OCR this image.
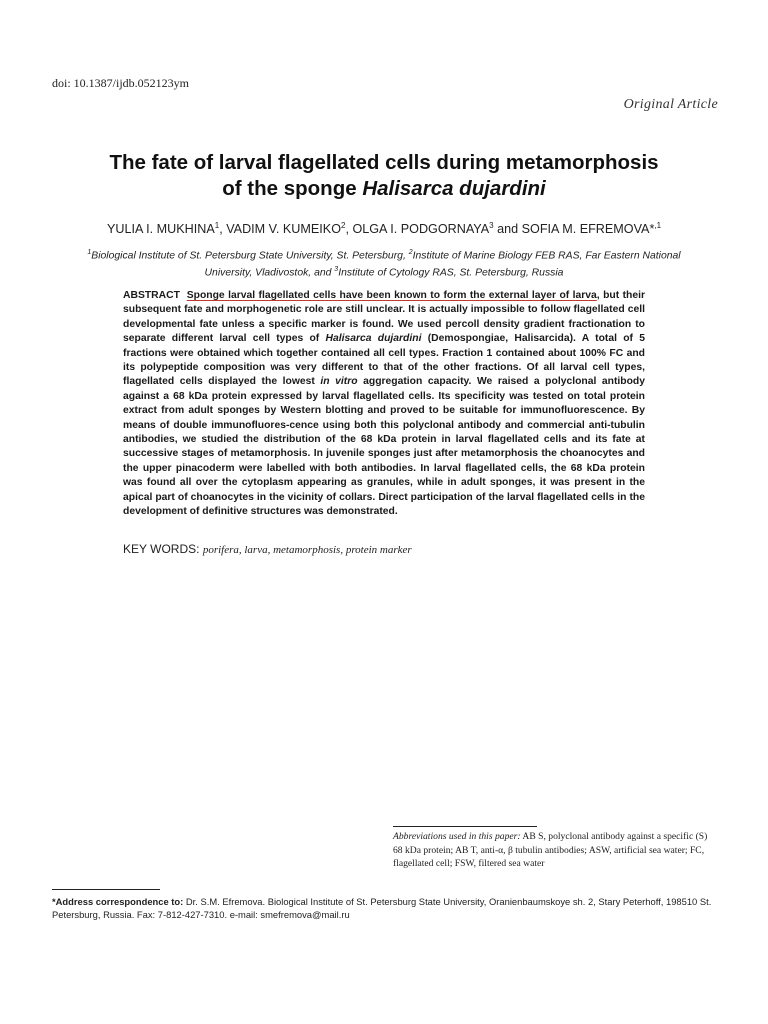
doi: 10.1387/ijdb.052123ym
Original Article
The fate of larval flagellated cells during metamorphosis
of the sponge Halisarca dujardini
YULIA I. MUKHINA$^1$, VADIM V. KUMEIKO$^2$, OLGA I. PODGORNAYA$^3$ and SOFIA M. EFREMOVA*$^{,1}$
$^1$Biological Institute of St. Petersburg State University, St. Petersburg, $^2$Institute of Marine Biology FEB RAS, Far Eastern National University, Vladivostok, and $^3$Institute of Cytology RAS, St. Petersburg, Russia
ABSTRACT Sponge larval flagellated cells have been known to form the external layer of larva, but their subsequent fate and morphogenetic role are still unclear. It is actually impossible to follow flagellated cell developmental fate unless a specific marker is found. We used percoll density gradient fractionation to separate different larval cell types of Halisarca dujardini (Demospongiae, Halisarcida). A total of 5 fractions were obtained which together contained all cell types. Fraction 1 contained about 100% FC and its polypeptide composition was very different to that of the other fractions. Of all larval cell types, flagellated cells displayed the lowest in vitro aggregation capacity. We raised a polyclonal antibody against a 68 kDa protein expressed by larval flagellated cells. Its specificity was tested on total protein extract from adult sponges by Western blotting and proved to be suitable for immunofluorescence. By means of double immunofluores-cence using both this polyclonal antibody and commercial anti-tubulin antibodies, we studied the distribution of the 68 kDa protein in larval flagellated cells and its fate at successive stages of metamorphosis. In juvenile sponges just after metamorphosis the choanocytes and the upper pinacoderm were labelled with both antibodies. In larval flagellated cells, the 68 kDa protein was found all over the cytoplasm appearing as granules, while in adult sponges, it was present in the apical part of choanocytes in the vicinity of collars. Direct participation of the larval flagellated cells in the development of definitive structures was demonstrated.
KEY WORDS: porifera, larva, metamorphosis, protein marker
Abbreviations used in this paper: AB S, polyclonal antibody against a specific (S) 68 kDa protein; AB T, anti-α, β tubulin antibodies; ASW, artificial sea water; FC, flagellated cell; FSW, filtered sea water
*Address correspondence to: Dr. S.M. Efremova. Biological Institute of St. Petersburg State University, Oranienbaumskoye sh. 2, Stary Peterhoff, 198510 St. Petersburg, Russia. Fax: 7-812-427-7310. e-mail: smefremova@mail.ru
